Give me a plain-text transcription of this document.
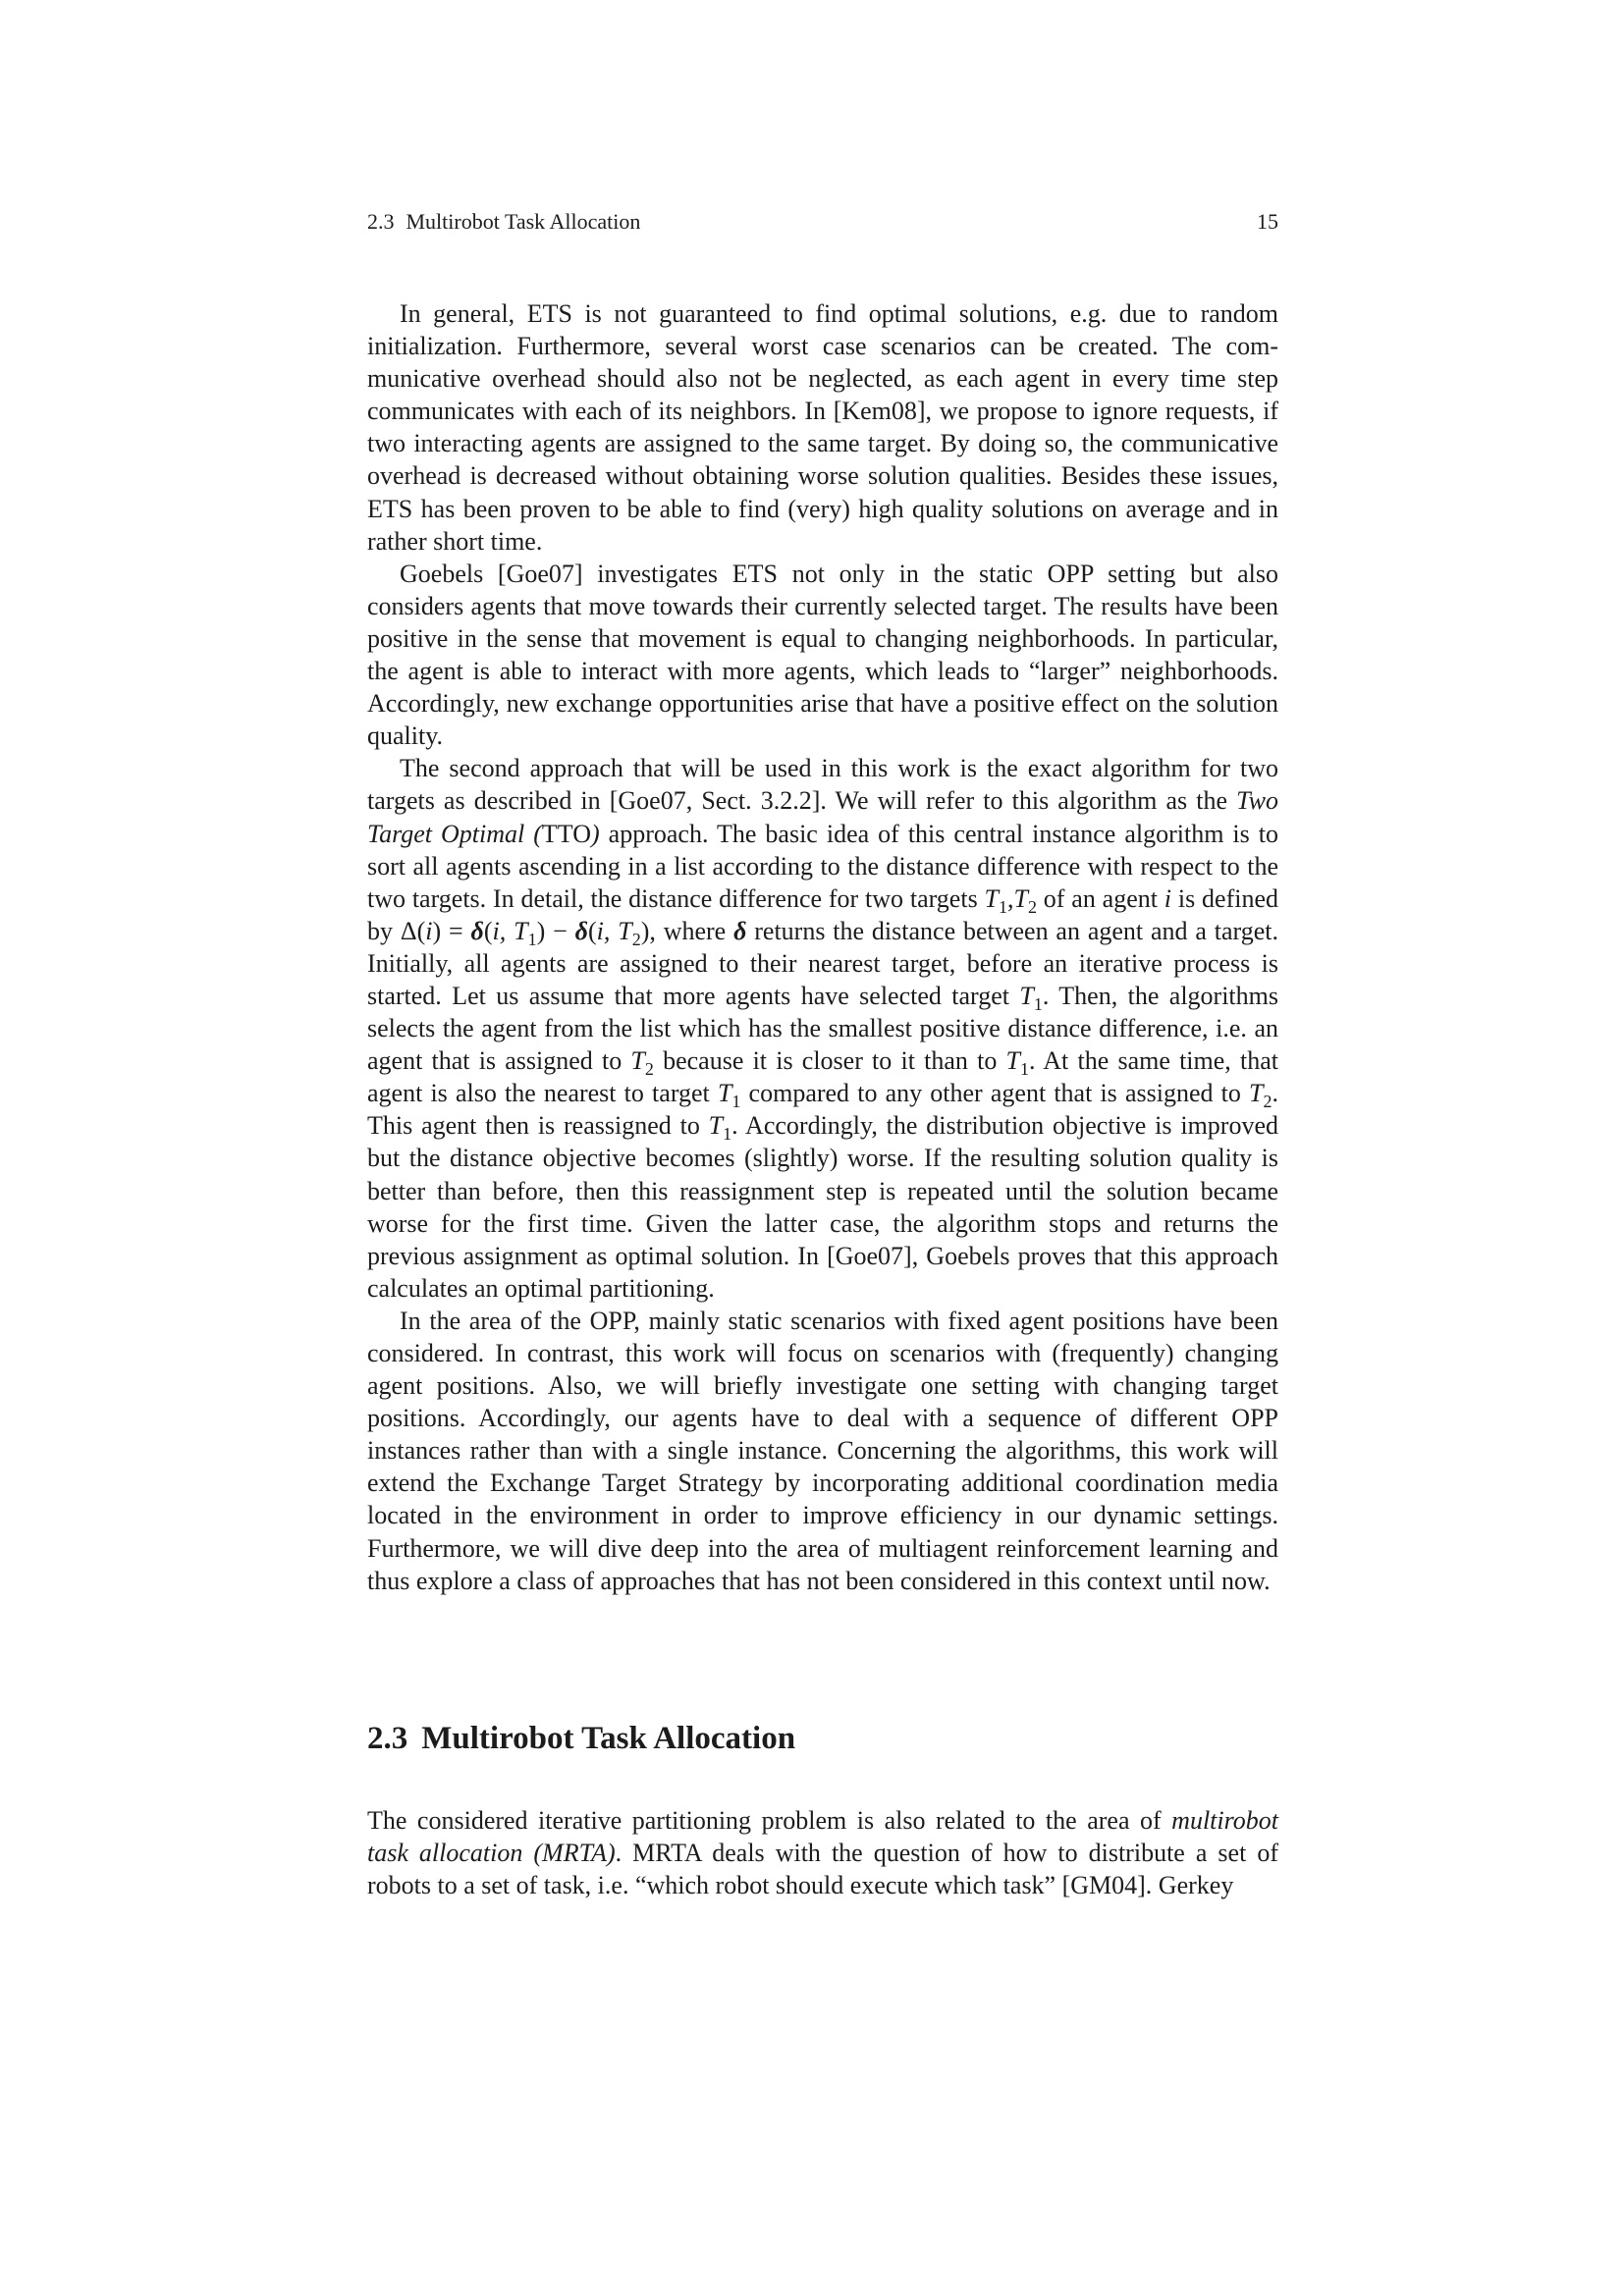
2.3 Multirobot Task Allocation	15

In general, ETS is not guaranteed to find optimal solutions, e.g. due to random initialization. Furthermore, several worst case scenarios can be created. The communicative overhead should also not be neglected, as each agent in every time step communicates with each of its neighbors. In [Kem08], we propose to ignore requests, if two interacting agents are assigned to the same target. By doing so, the communicative overhead is decreased without obtaining worse solution qualities. Besides these issues, ETS has been proven to be able to find (very) high quality solutions on average and in rather short time.

Goebels [Goe07] investigates ETS not only in the static OPP setting but also considers agents that move towards their currently selected target. The results have been positive in the sense that movement is equal to changing neighborhoods. In particular, the agent is able to interact with more agents, which leads to “larger” neighborhoods. Accordingly, new exchange opportunities arise that have a positive effect on the solution quality.

The second approach that will be used in this work is the exact algorithm for two targets as described in [Goe07, Sect. 3.2.2]. We will refer to this algorithm as the Two Target Optimal (TTO) approach. The basic idea of this central instance algorithm is to sort all agents ascending in a list according to the distance difference with respect to the two targets. In detail, the distance difference for two targets $T_1,T_2$ of an agent i is defined by Δ(i) = δ(i, $T_1) - \delta(i$, $T_2$), where δ returns the distance between an agent and a target. Initially, all agents are assigned to their nearest target, before an iterative process is started. Let us assume that more agents have selected target $T_1$. Then, the algorithms selects the agent from the list which has the smallest positive distance difference, i.e. an agent that is assigned to $T_2$ because it is closer to it than to $T_1$. At the same time, that agent is also the nearest to target $T_1$ compared to any other agent that is assigned to $T_2$. This agent then is reassigned to $T_1$. Accordingly, the distribution objective is improved but the distance objective becomes (slightly) worse. If the resulting solution quality is better than before, then this reassignment step is repeated until the solution became worse for the first time. Given the latter case, the algorithm stops and returns the previous assignment as optimal solution. In [Goe07], Goebels proves that this approach calculates an optimal partitioning.

In the area of the OPP, mainly static scenarios with fixed agent positions have been considered. In contrast, this work will focus on scenarios with (frequently) changing agent positions. Also, we will briefly investigate one setting with changing target positions. Accordingly, our agents have to deal with a sequence of different OPP instances rather than with a single instance. Concerning the algorithms, this work will extend the Exchange Target Strategy by incorporating additional coordination media located in the environment in order to improve efficiency in our dynamic settings. Furthermore, we will dive deep into the area of multiagent reinforcement learning and thus explore a class of approaches that has not been considered in this context until now.

2.3 Multirobot Task Allocation

The considered iterative partitioning problem is also related to the area of multirobot task allocation (MRTA). MRTA deals with the question of how to distribute a set of robots to a set of task, i.e. “which robot should execute which task” [GM04]. Gerkey
